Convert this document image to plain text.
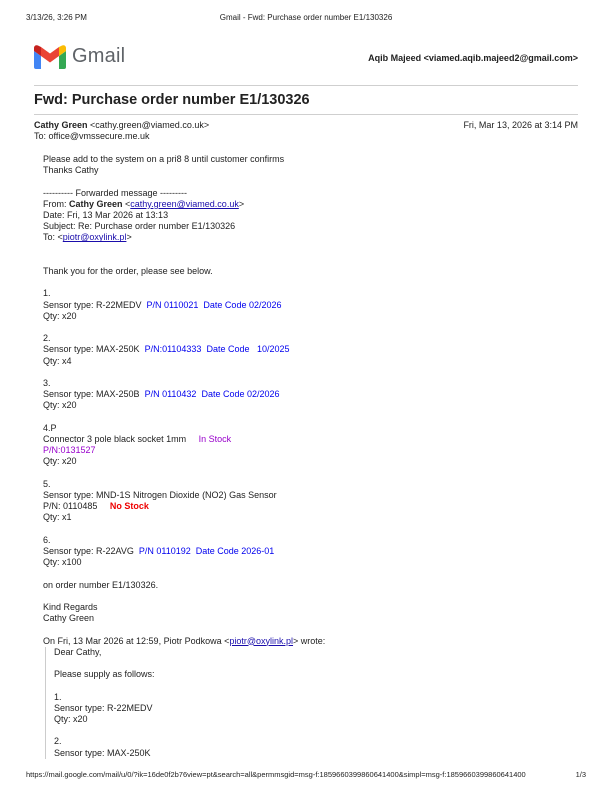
3/13/26, 3:26 PM	Gmail - Fwd: Purchase order number E1/130326
Gmail	Aqib Majeed <viamed.aqib.majeed2@gmail.com>
Fwd: Purchase order number E1/130326
Cathy Green <cathy.green@viamed.co.uk>	Fri, Mar 13, 2026 at 3:14 PM
To: office@vmssecure.me.uk
Please add to the system on a pri8 8 until customer confirms
Thanks Cathy
---------- Forwarded message ---------
From: Cathy Green <cathy.green@viamed.co.uk>
Date: Fri, 13 Mar 2026 at 13:13
Subject: Re: Purchase order number E1/130326
To: <piotr@oxylink.pl>
Thank you for the order, please see below.
1.
Sensor type: R-22MEDV  P/N 0110021  Date Code 02/2026
Qty: x20
2.
Sensor type: MAX-250K  P/N:01104333  Date Code   10/2025
Qty: x4
3.
Sensor type: MAX-250B  P/N 0110432  Date Code 02/2026
Qty: x20
4.P
Connector 3 pole black socket 1mm     In Stock
P/N:0131527
Qty: x20
5.
Sensor type: MND-1S Nitrogen Dioxide (NO2) Gas Sensor
P/N: 0110485     No Stock
Qty: x1
6.
Sensor type: R-22AVG  P/N 0110192  Date Code 2026-01
Qty: x100
on order number E1/130326.
Kind Regards
Cathy Green
On Fri, 13 Mar 2026 at 12:59, Piotr Podkowa <piotr@oxylink.pl> wrote:
Dear Cathy,
Please supply as follows:
1.
Sensor type: R-22MEDV
Qty: x20
2.
Sensor type: MAX-250K
https://mail.google.com/mail/u/0/?ik=16de0f2b76view=pt&search=all&permmsgid=msg-f:1859660399860641400&simpl=msg-f:1859660399860641400	1/3
